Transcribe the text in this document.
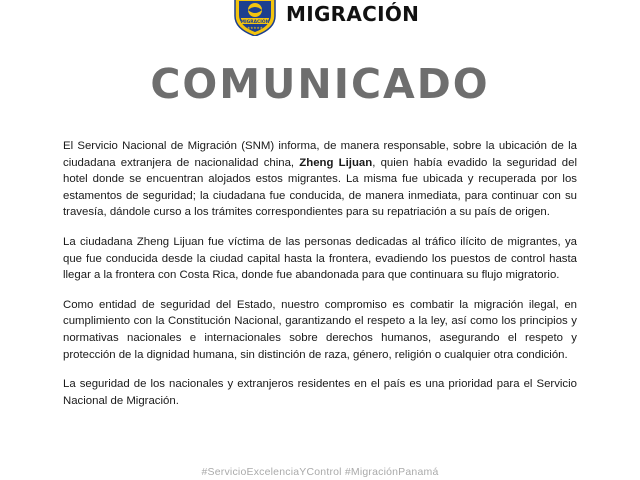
MIGRACIÓN
★★★★★
MIGRACIÓN
COMUNICADO

El Servicio Nacional de Migración (SNM) informa, de manera responsable, sobre la ubicación de la ciudadana extranjera de nacionalidad china, Zheng Lijuan, quien había evadido la seguridad del hotel donde se encuentran alojados estos migrantes. La misma fue ubicada y recuperada por los estamentos de seguridad; la ciudadana fue conducida, de manera inmediata, para continuar con su travesía, dándole curso a los trámites correspondientes para su repatriación a su país de origen.

La ciudadana Zheng Lijuan fue víctima de las personas dedicadas al tráfico ilícito de migrantes, ya que fue conducida desde la ciudad capital hasta la frontera, evadiendo los puestos de control hasta llegar a la frontera con Costa Rica, donde fue abandonada para que continuara su flujo migratorio.

Como entidad de seguridad del Estado, nuestro compromiso es combatir la migración ilegal, en cumplimiento con la Constitución Nacional, garantizando el respeto a la ley, así como los principios y normativas nacionales e internacionales sobre derechos humanos, asegurando el respeto y protección de la dignidad humana, sin distinción de raza, género, religión o cualquier otra condición.

La seguridad de los nacionales y extranjeros residentes en el país es una prioridad para el Servicio Nacional de Migración.

#ServicioExcelenciaYControl #MigraciónPanamá
